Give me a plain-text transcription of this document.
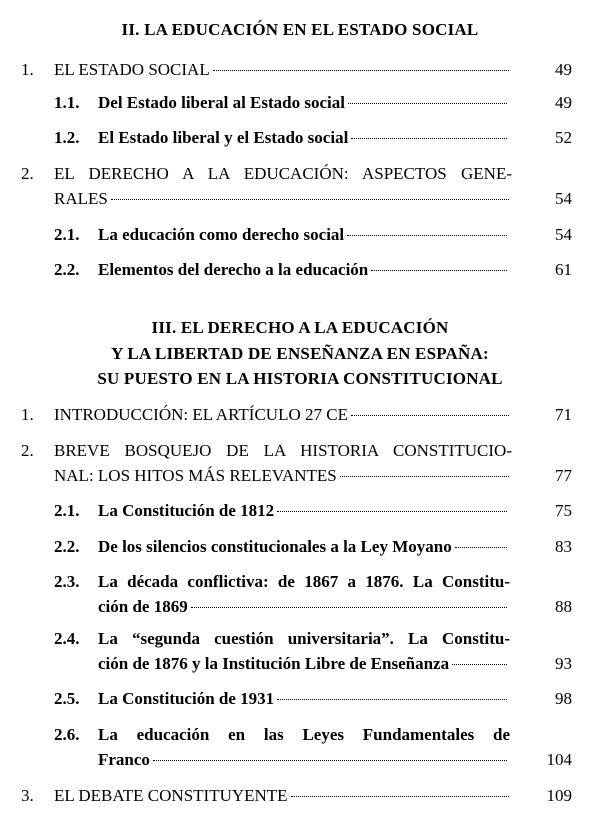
II. LA EDUCACIÓN EN EL ESTADO SOCIAL
1. EL ESTADO SOCIAL	49
1.1. Del Estado liberal al Estado social	49
1.2. El Estado liberal y el Estado social	52
2. EL DERECHO A LA EDUCACIÓN: ASPECTOS GENE-
RALES	54
2.1. La educación como derecho social	54
2.2. Elementos del derecho a la educación	61
III. EL DERECHO A LA EDUCACIÓN
Y LA LIBERTAD DE ENSEÑANZA EN ESPAÑA:
SU PUESTO EN LA HISTORIA CONSTITUCIONAL
1. INTRODUCCIÓN: EL ARTÍCULO 27 CE	71
2. BREVE BOSQUEJO DE LA HISTORIA CONSTITUCIO-
NAL: LOS HITOS MÁS RELEVANTES	77
2.1. La Constitución de 1812	75
2.2. De los silencios constitucionales a la Ley Moyano	83
2.3. La década conflictiva: de 1867 a 1876. La Constitu-
ción de 1869	88
2.4. La “segunda cuestión universitaria”. La Constitu-
ción de 1876 y la Institución Libre de Enseñanza	93
2.5. La Constitución de 1931	98
2.6. La educación en las Leyes Fundamentales de
Franco	104
3. EL DEBATE CONSTITUYENTE	109
